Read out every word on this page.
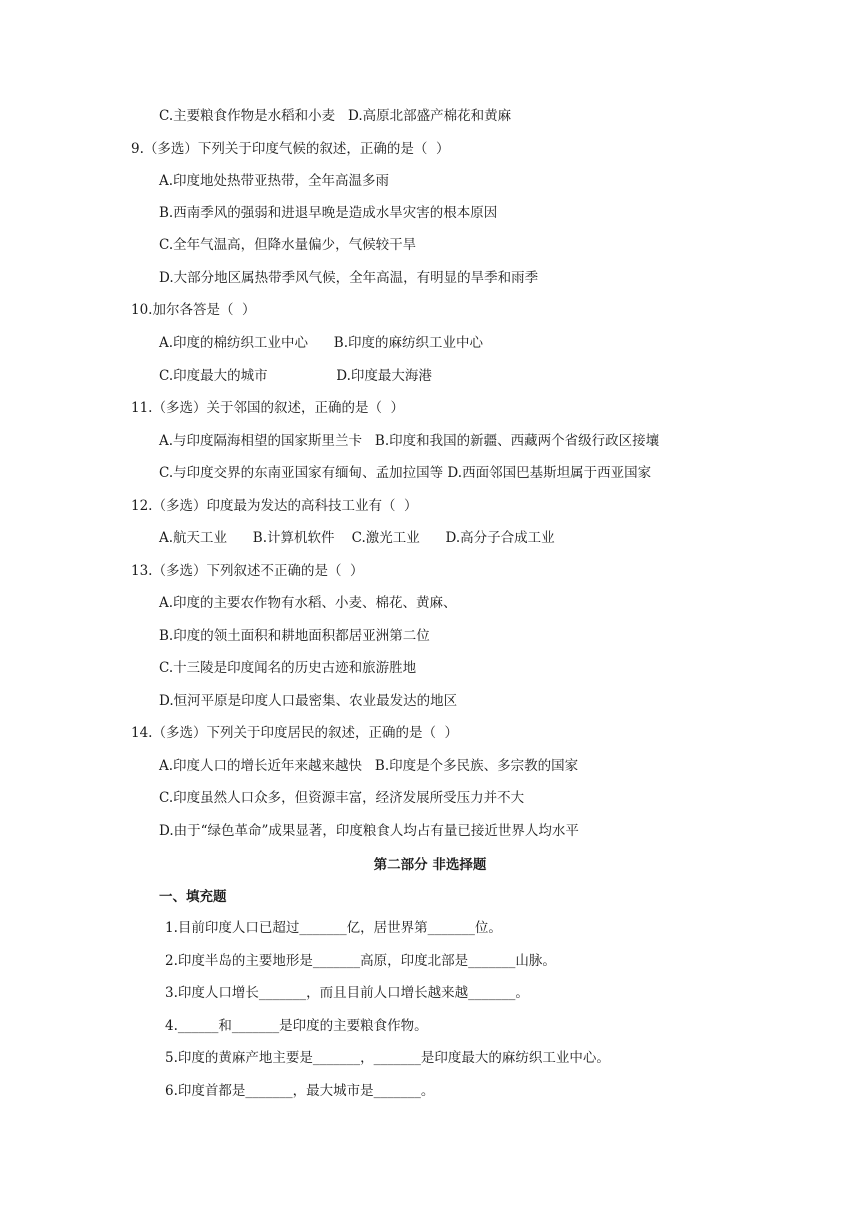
C.主要粮食作物是水稻和小麦   D.高原北部盛产棉花和黄麻
9.（多选）下列关于印度气候的叙述，正确的是（  ）
A.印度地处热带亚热带，全年高温多雨
B.西南季风的强弱和进退早晚是造成水旱灾害的根本原因
C.全年气温高，但降水量偏少，气候较干旱
D.大部分地区属热带季风气候，全年高温，有明显的旱季和雨季
10.加尔各答是（  ）
A.印度的棉纺织工业中心      B.印度的麻纺织工业中心
C.印度最大的城市                D.印度最大海港
11.（多选）关于邻国的叙述，正确的是（  ）
A.与印度隔海相望的国家斯里兰卡   B.印度和我国的新疆、西藏两个省级行政区接壤
C.与印度交界的东南亚国家有缅甸、孟加拉国等 D.西面邻国巴基斯坦属于西亚国家
12.（多选）印度最为发达的高科技工业有（  ）
A.航天工业      B.计算机软件    C.激光工业      D.高分子合成工业
13.（多选）下列叙述不正确的是（  ）
A.印度的主要农作物有水稻、小麦、棉花、黄麻、
B.印度的领土面积和耕地面积都居亚洲第二位
C.十三陵是印度闻名的历史古迹和旅游胜地
D.恒河平原是印度人口最密集、农业最发达的地区
14.（多选）下列关于印度居民的叙述，正确的是（  ）
A.印度人口的增长近年来越来越快   B.印度是个多民族、多宗教的国家
C.印度虽然人口众多，但资源丰富，经济发展所受压力并不大
D.由于“绿色革命”成果显著，印度粮食人均占有量已接近世界人均水平
第二部分 非选择题
一、填充题
1.目前印度人口已超过_______亿，居世界第_______位。
2.印度半岛的主要地形是_______高原，印度北部是_______山脉。
3.印度人口增长_______，而且目前人口增长越来越_______。
4.______和_______是印度的主要粮食作物。
5.印度的黄麻产地主要是_______，_______是印度最大的麻纺织工业中心。
6.印度首都是_______，最大城市是_______。
